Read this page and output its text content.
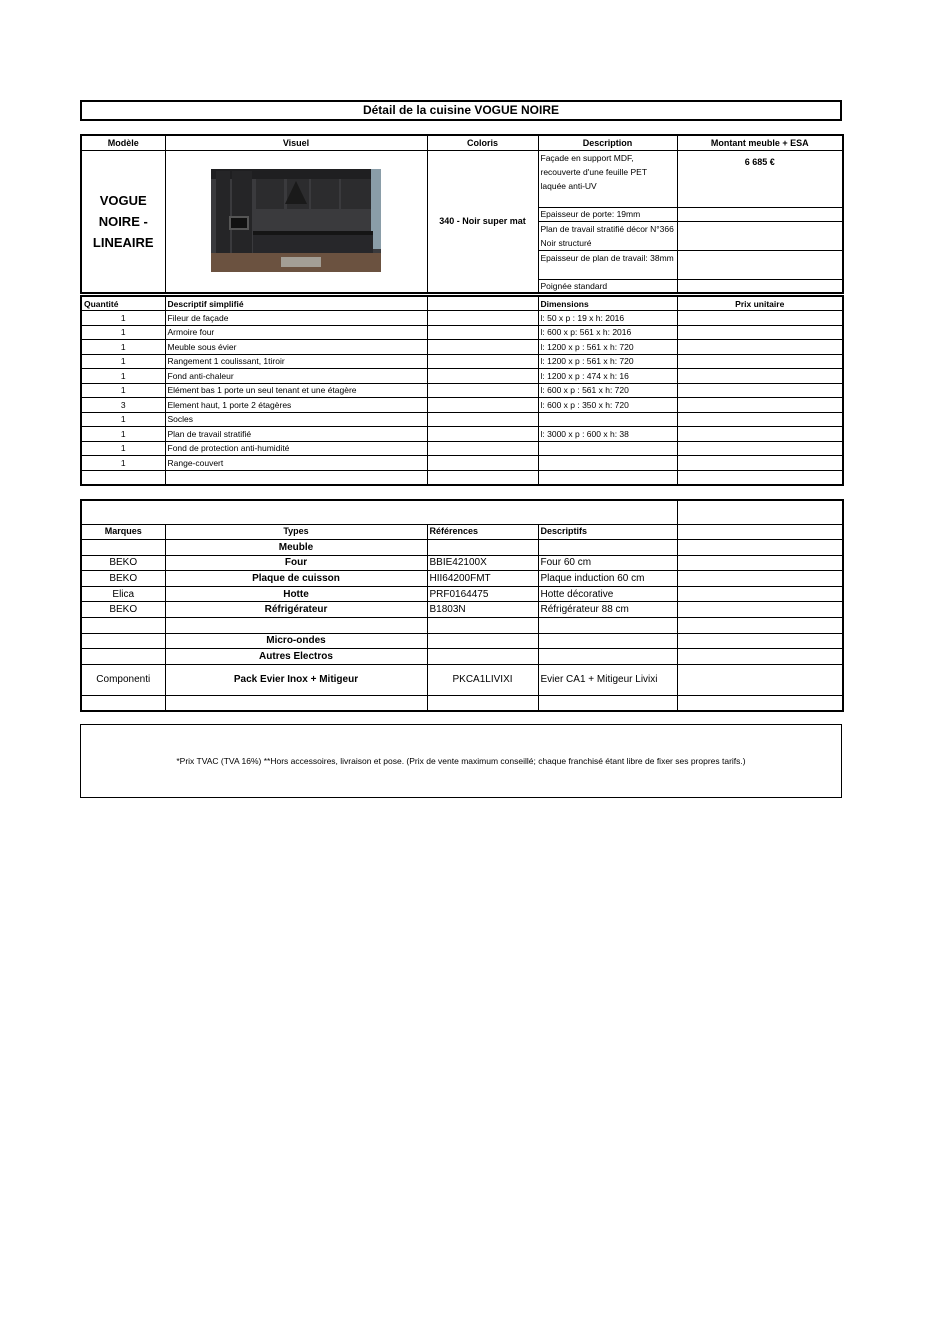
Détail de la cuisine VOGUE NOIRE
Modèle	Visuel	Coloris	Description	Montant meuble + ESA
VOGUE NOIRE - LINEAIRE		340 - Noir super mat	Façade en support MDF, recouverte d'une feuille PET laquée anti-UV	6 685 €
			Epaisseur de porte: 19mm	
			Plan de travail stratifié décor N°366 Noir structuré	
			Epaisseur de plan de travail: 38mm	
			Poignée standard	
Quantité	Descriptif simplifié		Dimensions	Prix unitaire
1	Fileur de façade		l: 50 x p : 19 x h: 2016	
1	Armoire four		l: 600 x p: 561 x h: 2016	
1	Meuble sous évier		l: 1200 x p : 561 x h: 720	
1	Rangement 1 coulissant, 1tiroir		l: 1200 x p : 561 x h: 720	
1	Fond anti-chaleur		l: 1200 x p : 474 x h: 16	
1	Elément bas 1 porte un seul tenant et une étagère		l: 600 x p : 561 x h: 720	
3	Element haut, 1 porte 2 étagères		l: 600 x p : 350 x h: 720	
1	Socles			
1	Plan de travail stratifié		l: 3000 x p : 600 x h: 38	
1	Fond de protection anti-humidité			
1	Range-couvert			

Marques	Types	Références	Descriptifs	
	Meuble			
BEKO	Four	BBIE42100X	Four 60 cm	
BEKO	Plaque de cuisson	HII64200FMT	Plaque induction 60 cm	
Elica	Hotte	PRF0164475	Hotte décorative	
BEKO	Réfrigérateur	B1803N	Réfrigérateur 88 cm	

	Micro-ondes			
	Autres Electros			
Componenti	Pack Evier Inox + Mitigeur	PKCA1LIVIXI	Evier CA1 + Mitigeur Livixi	

*Prix TVAC (TVA 16%) **Hors accessoires, livraison et pose. (Prix de vente maximum conseillé; chaque franchisé étant libre de fixer ses propres tarifs.)
